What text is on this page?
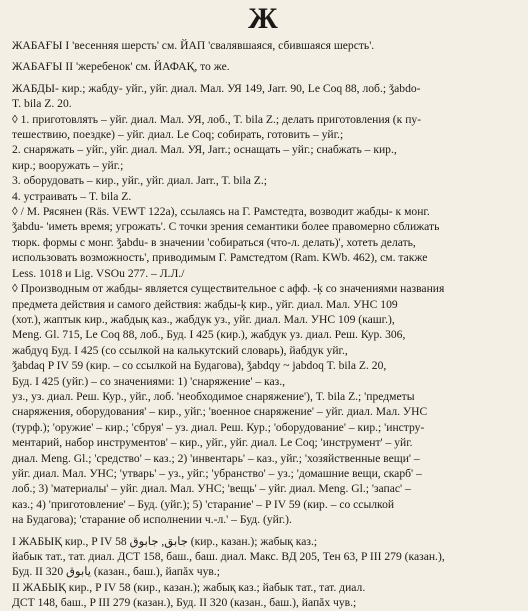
Ж

ЖАБАҒЫ I 'весенняя шерсть' см. ЙАП 'свалявшаяся, сбившаяся шерсть'.

ЖАБАҒЫ II 'жеребенок' см. ЙАФАҚ, то же.

ЖАБДЫ- кир.; жабду- уйг., уйг. диал. Мал. УЯ 149, Jarr. 90, Le Coq 88, лоб.; ǯabdo-

T. bila Z. 20.

◊ 1. приготовлять – уйг. диал. Мал. УЯ, лоб., T. bila Z.; делать приготовления (к пу-

тешествию, поездке) – уйг. диал. Le Coq; собирать, готовить – уйг.;

2. снаряжать – уйг., уйг. диал. Мал. УЯ, Jarr.; оснащать – уйг.; снабжать – кир.,

кир.; вооружать – уйг.;

3. оборудовать – кир., уйг., уйг. диал. Jarr., T. bila Z.;

4. устраивать – T. bila Z.

◊ / М. Рясянен (Räs. VEWT 122a), ссылаясь на Г. Рамстедта, возводит жабды- к монг.

ǯabdu- 'иметь время; угрожать'. С точки зрения семантики более правомерно сближать

тюрк. формы с монг. ǯabdu- в значении 'собираться (что-л. делать)', хотеть делать,

использовать возможность', приводимым Г. Рамстедтом (Ram. KWb. 462), см. также

Less. 1018 и Lig. VSOu 277. – Л.Л./

◊ Производным от жабды- является существительное с афф. -ķ со значениями названия

предмета действия и самого действия: жабды-ķ кир., уйг. диал. Мал. УНС 109

(хот.), жаптык кир., жабдық каз., жабдук уз., уйг. диал. Мал. УНС 109 (кашг.),

Meng. Gl. 715, Le Coq 88, лоб., Буд. I 425 (кир.), жабдук уз. диал. Реш. Кур. 306,

жабдуq Буд. I 425 (со ссылкой на калькутский словарь), йабдук уйг.,

ǯabdaq P IV 59 (кир. – со ссылкой на Будагова), ǯabdqy ~ jabdoq T. bila Z. 20,

Буд. I 425 (уйг.) – со значениями: 1) 'снаряжение' – каз.,

уз., уз. диал. Реш. Кур., уйг., лоб. 'необходимое снаряжение'), T. bila Z.; 'предметы

снаряжения, оборудования' – кир., уйг.; 'военное снаряжение' – уйг. диал. Мал. УНС

(турф.); 'оружие' – кир.; 'сбруя' – уз. диал. Реш. Кур.; 'оборудование' – кир.; 'инстру-

ментарий, набор инструментов' – кир., уйг., уйг. диал. Le Coq; 'инструмент' – уйг.

диал. Meng. Gl.; 'средство' – каз.; 2) 'инвентарь' – каз., уйг.; 'хозяйственные вещи' –

уйг. диал. Мал. УНС; 'утварь' – уз., уйг.; 'убранство' – уз.; 'домашние вещи, скарб' –

лоб.; 3) 'материалы' – уйг. диал. Мал. УНС; 'вещь' – уйг. диал. Meng. Gl.; 'запас' –

каз.; 4) 'приготовление' – Буд. (уйг.); 5) 'старание' – P IV 59 (кир. – со ссылкой

на Будагова); 'старание об исполнении ч.-л.' – Буд. (уйг.).

I ЖАБЫҚ кир., P IV 58 جابق, جابوق (кир., казан.); жабық каз.;

йабык тат., тат. диал. ДСТ 158, баш., баш. диал. Макс. ВД 205, Тен 63, P III 279 (казан.),

Буд. II 320 یابوق (казан., баш.), йапăх чув.;

II ЖАБЫҚ кир., P IV 58 (кир., казан.); жабық каз.; йабык тат., тат. диал.

ДСТ 148, баш., P III 279 (казан.), Буд. II 320 (казан., баш.), йапăх чув.;
